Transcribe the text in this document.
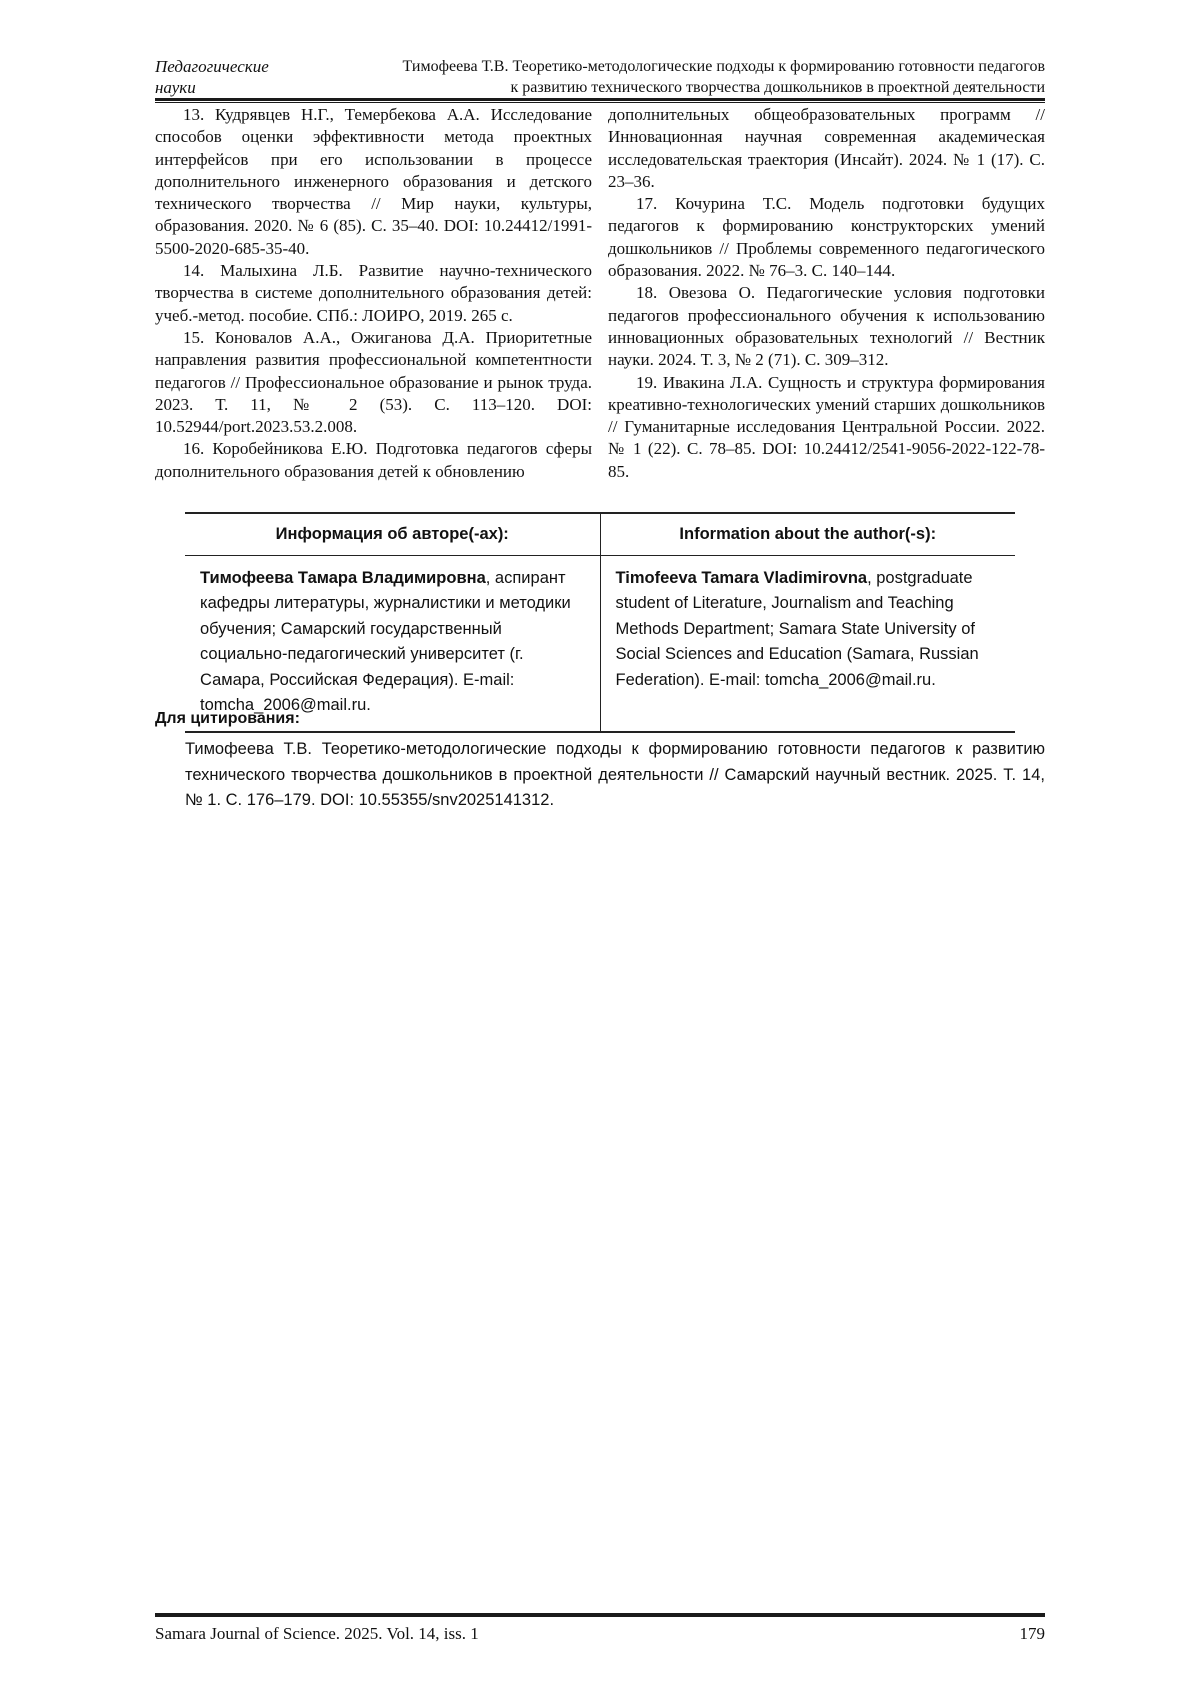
Педагогические
науки
Тимофеева Т.В. Теоретико-методологические подходы к формированию готовности педагогов
к развитию технического творчества дошкольников в проектной деятельности

13. Кудрявцев Н.Г., Темербекова А.А. Исследование способов оценки эффективности метода проектных интерфейсов при его использовании в процессе дополнительного инженерного образования и детского технического творчества // Мир науки, культуры, образования. 2020. № 6 (85). С. 35–40. DOI: 10.24412/1991-5500-2020-685-35-40.

14. Малыхина Л.Б. Развитие научно-технического творчества в системе дополнительного образования детей: учеб.-метод. пособие. СПб.: ЛОИРО, 2019. 265 с.

15. Коновалов А.А., Ожиганова Д.А. Приоритетные направления развития профессиональной компетентности педагогов // Профессиональное образование и рынок труда. 2023. Т. 11, № 2 (53). С. 113–120. DOI: 10.52944/port.2023.53.2.008.

16. Коробейникова Е.Ю. Подготовка педагогов сферы дополнительного образования детей к обновлению

дополнительных общеобразовательных программ // Инновационная научная современная академическая исследовательская траектория (Инсайт). 2024. № 1 (17). С. 23–36.

17. Кочурина Т.С. Модель подготовки будущих педагогов к формированию конструкторских умений дошкольников // Проблемы современного педагогического образования. 2022. № 76–3. С. 140–144.

18. Овезова О. Педагогические условия подготовки педагогов профессионального обучения к использованию инновационных образовательных технологий // Вестник науки. 2024. Т. 3, № 2 (71). С. 309–312.

19. Ивакина Л.А. Сущность и структура формирования креативно-технологических умений старших дошкольников // Гуманитарные исследования Центральной России. 2022. № 1 (22). С. 78–85. DOI: 10.24412/2541-9056-2022-122-78-85.

Информация об авторе(-ах):	Information about the author(-s):
Тимофеева Тамара Владимировна, аспирант кафедры литературы, журналистики и методики обучения; Самарский государственный социально-педагогический университет (г. Самара, Российская Федерация). E-mail: tomcha_2006@mail.ru.
Timofeeva Tamara Vladimirovna, postgraduate student of Literature, Journalism and Teaching Methods Department; Samara State University of Social Sciences and Education (Samara, Russian Federation). E-mail: tomcha_2006@mail.ru.
Для цитирования:
Тимофеева Т.В. Теоретико-методологические подходы к формированию готовности педагогов к развитию технического творчества дошкольников в проектной деятельности // Самарский научный вестник. 2025. Т. 14, № 1. С. 176–179. DOI: 10.55355/snv2025141312.
Samara Journal of Science. 2025. Vol. 14, iss. 1	179
